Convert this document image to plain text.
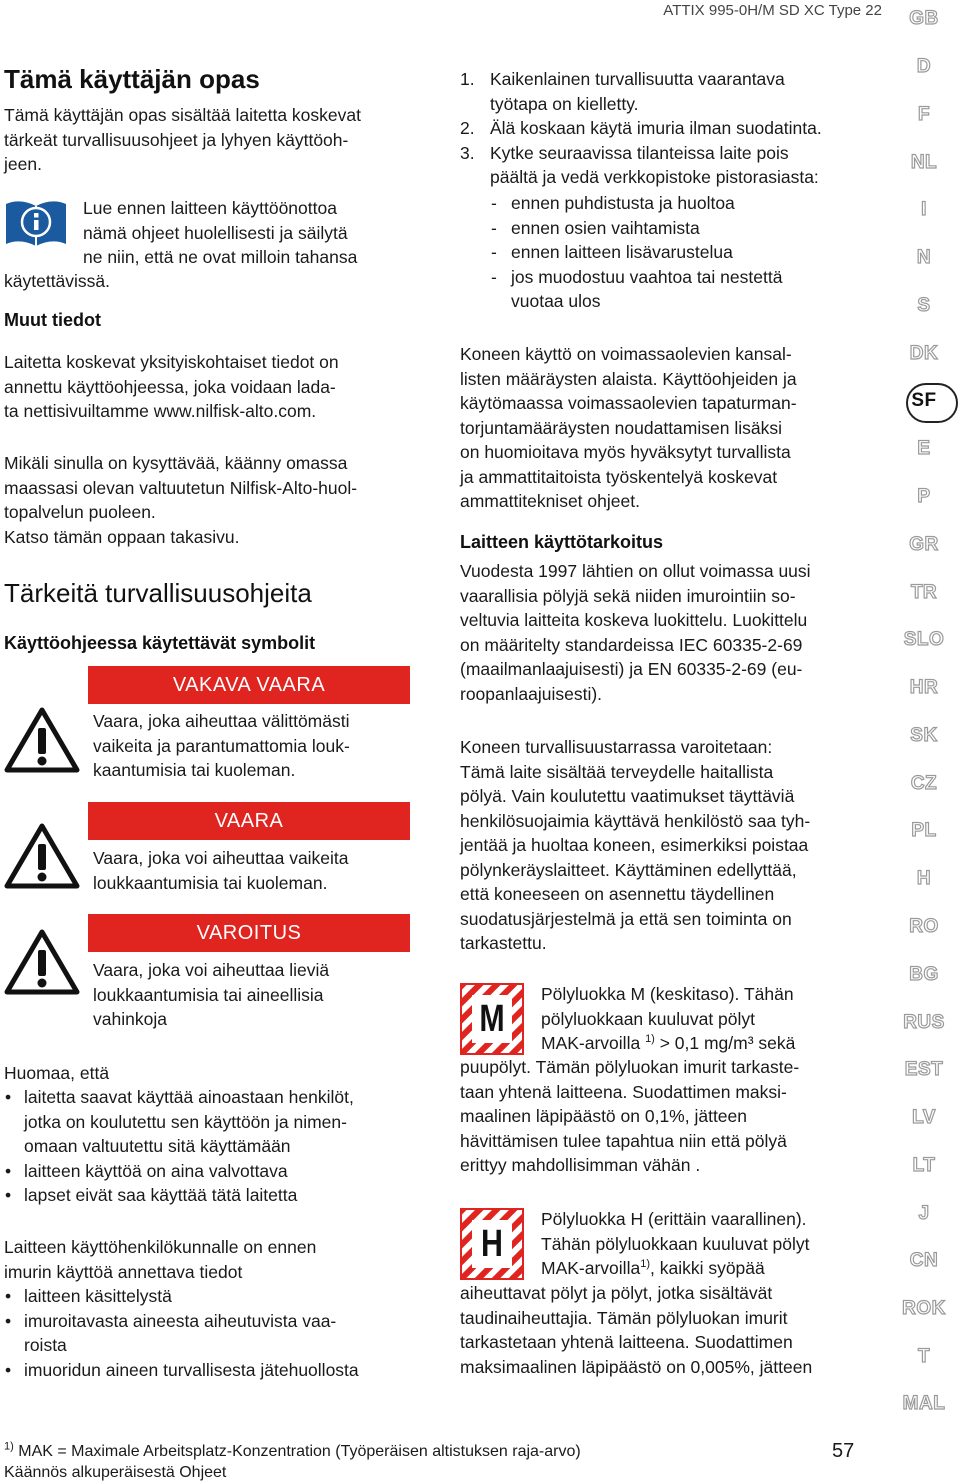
ATTIX 995-0H/M SD XC Type 22	GB
D
F
NL
I
N
S
DK
SF
E
P
GR
TR
SLO
HR
SK
CZ
PL
H
RO
BG
RUS
EST
LV
LT
J
CN
ROK
T
MAL
Tämä käyttäjän opas

Tämä käyttäjän opas sisältää laitetta koskevat
tärkeät turvallisuusohjeet ja lyhyen käyttöoh-
jeen.

Lue ennen laitteen käyttöönottoa
nämä ohjeet huolellisesti ja säilytä
ne niin, että ne ovat milloin tahansa

käytettävissä.

Muut tiedot

Laitetta koskevat yksityiskohtaiset tiedot on
annettu käyttöohjeessa, joka voidaan lada-
ta nettisivuiltamme www.nilfisk-alto.com.

Mikäli sinulla on kysyttävää, käänny omassa
maassasi olevan valtuutetun Nilfisk-Alto-huol-
topalvelun puoleen.
Katso tämän oppaan takasivu.

Tärkeitä turvallisuusohjeita
Käyttöohjeessa käytettävät symbolit
VAKAVA VAARA
Vaara, joka aiheuttaa välittömästi
vaikeita ja parantumattomia louk-
kaantumisia tai kuoleman.
VAARA
Vaara, joka voi aiheuttaa vaikeita
loukkaantumisia tai kuoleman.
VAROITUS
Vaara, joka voi aiheuttaa lieviä
loukkaantumisia tai aineellisia
vahinkoja

Huomaa, että

• laitetta saavat käyttää ainoastaan henkilöt,
jotka on koulutettu sen käyttöön ja nimen-
omaan valtuutettu sitä käyttämään
• laitteen käyttöä on aina valvottava
• lapset eivät saa käyttää tätä laitetta

Laitteen käyttöhenkilökunnalle on ennen
imurin käyttöä annettava tiedot

• laitteen käsittelystä
• imuroitavasta aineesta aiheutuvista vaa-
roista
• imuoridun aineen turvallisesta jätehuollosta
1. Kaikenlainen turvallisuutta vaarantava
työtapa on kielletty.
2. Älä koskaan käytä imuria ilman suodatinta.
3. Kytke seuraavissa tilanteissa laite pois
päältä ja vedä verkkopistoke pistorasiasta:
- ennen puhdistusta ja huoltoa
- ennen osien vaihtamista
- ennen laitteen lisävarustelua
- jos muodostuu vaahtoa tai nestettä
vuotaa ulos

Koneen käyttö on voimassaolevien kansal-
listen määräysten alaista. Käyttöohjeiden ja
käytömaassa voimassaolevien tapaturman-
torjuntamääräysten noudattamisen lisäksi
on huomioitava myös hyväksytyt turvallista
ja ammattitaitoista työskentelyä koskevat
ammattitekniset ohjeet.

Laitteen käyttötarkoitus

Vuodesta 1997 lähtien on ollut voimassa uusi
vaarallisia pölyjä sekä niiden imurointiin so-
veltuvia laitteita koskeva luokittelu. Luokittelu
on määritelty standardeissa IEC 60335-2-69
(maailmanlaajuisesti) ja EN 60335-2-69 (eu-
roopanlaajuisesti).

Koneen turvallisuustarrassa varoitetaan:
Tämä laite sisältää terveydelle haitallista
pölyä. Vain koulutettu vaatimukset täyttäviä
henkilösuojaimia käyttävä henkilöstö saa tyh-
jentää ja huoltaa koneen, esimerkiksi poistaa
pölynkeräyslaitteet. Käyttäminen edellyttää,
että koneeseen on asennettu täydellinen
suodatusjärjestelmä ja että sen toiminta on
tarkastettu.

M
Pölyluokka M (keskitaso). Tähän
pölyluokkaan kuuluvat pölyt
MAK-arvoilla $^{1)}$ > 0,1 mg/m³ sekä

puupölyt. Tämän pölyluokan imurit tarkaste-
taan yhtenä laitteena. Suodattimen maksi-
maalinen läpipäästö on 0,1%, jätteen
hävittämisen tulee tapahtua niin että pölyä
erittyy mahdollisimman vähän .

H
Pölyluokka H (erittäin vaarallinen).
Tähän pölyluokkaan kuuluvat pölyt
MAK-arvoilla$^{1)}$, kaikki syöpää

aiheuttavat pölyt ja pölyt, jotka sisältävät
taudinaiheuttajia. Tämän pölyluokan imurit
tarkastetaan yhtenä laitteena. Suodattimen
maksimaalinen läpipäästö on 0,005%, jätteen

$^{1)}$ MAK = Maximale Arbeitsplatz-Konzentration (Työperäisen altistuksen raja-arvo)
Käännös alkuperäisestä Ohjeet
57
